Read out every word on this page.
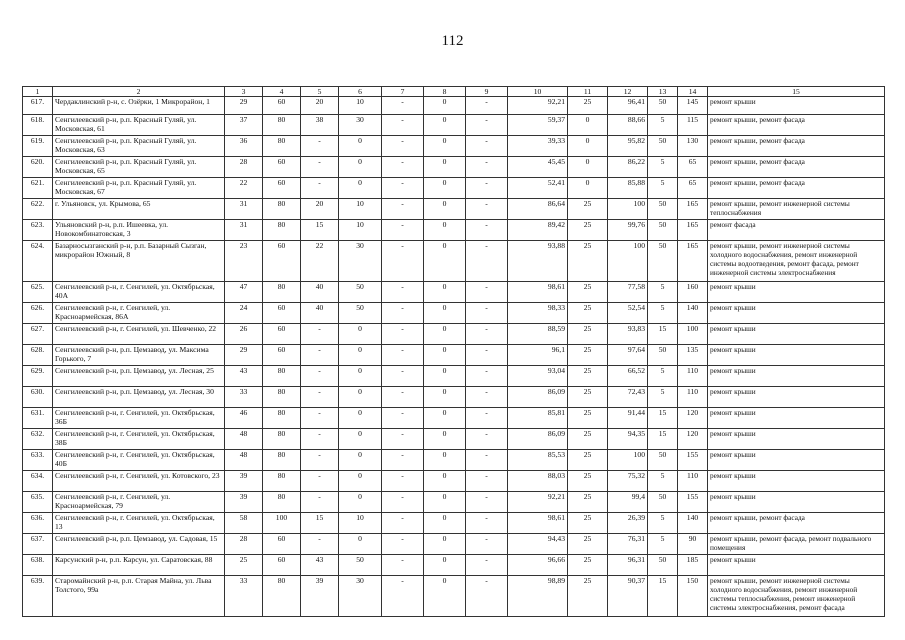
112
1	2	3	4	5	6	7	8	9	10	11	12	13	14	15
617.	Чердаклинский р-н, с. Озёрки, 1 Микрорайон, 1	29	60	20	10	-	0	-	92,21	25	96,41	50	145	ремонт крыши
618.	Сенгилеевский р-н, р.п. Красный Гуляй, ул. Московская, 61	37	80	38	30	-	0	-	59,37	0	88,66	5	115	ремонт крыши, ремонт фасада
619.	Сенгилеевский р-н, р.п. Красный Гуляй, ул. Московская, 63	36	80	-	0	-	0	-	39,33	0	95,82	50	130	ремонт крыши, ремонт фасада
620.	Сенгилеевский р-н, р.п. Красный Гуляй, ул. Московская, 65	28	60	-	0	-	0	-	45,45	0	86,22	5	65	ремонт крыши, ремонт фасада
621.	Сенгилеевский р-н, р.п. Красный Гуляй, ул. Московская, 67	22	60	-	0	-	0	-	52,41	0	85,88	5	65	ремонт крыши, ремонт фасада
622.	г. Ульяновск, ул. Крымова, 65	31	80	20	10	-	0	-	86,64	25	100	50	165	ремонт крыши, ремонт инженерной системы теплоснабжения
623.	Ульяновский р-н, р.п. Ишеевка, ул. Новокомбинатовская, 3	31	80	15	10	-	0	-	89,42	25	99,76	50	165	ремонт фасада
624.	Базарносызганский р-н, р.п. Базарный Сызган, микрорайон Южный, 8	23	60	22	30	-	0	-	93,88	25	100	50	165	ремонт крыши, ремонт инженерной системы холодного водоснабжения, ремонт инженерной системы водоотведения, ремонт фасада, ремонт инженерной системы электроснабжения
625.	Сенгилеевский р-н, г. Сенгилей, ул. Октябрьская, 40А	47	80	40	50	-	0	-	98,61	25	77,58	5	160	ремонт крыши
626.	Сенгилеевский р-н, г. Сенгилей, ул. Красноармейская, 86А	24	60	40	50	-	0	-	98,33	25	52,54	5	140	ремонт крыши
627.	Сенгилеевский р-н, г. Сенгилей, ул. Шевченко, 22	26	60	-	0	-	0	-	88,59	25	93,83	15	100	ремонт крыши
628.	Сенгилеевский р-н, р.п. Цемзавод, ул. Максима Горького, 7	29	60	-	0	-	0	-	96,1	25	97,64	50	135	ремонт крыши
629.	Сенгилеевский р-н, р.п. Цемзавод, ул. Лесная, 25	43	80	-	0	-	0	-	93,04	25	66,52	5	110	ремонт крыши
630.	Сенгилеевский р-н, р.п. Цемзавод, ул. Лесная, 30	33	80	-	0	-	0	-	86,09	25	72,43	5	110	ремонт крыши
631.	Сенгилеевский р-н, г. Сенгилей, ул. Октябрьская, 36Б	46	80	-	0	-	0	-	85,81	25	91,44	15	120	ремонт крыши
632.	Сенгилеевский р-н, г. Сенгилей, ул. Октябрьская, 38Б	48	80	-	0	-	0	-	86,09	25	94,35	15	120	ремонт крыши
633.	Сенгилеевский р-н, г. Сенгилей, ул. Октябрьская, 40Б	48	80	-	0	-	0	-	85,53	25	100	50	155	ремонт крыши
634.	Сенгилеевский р-н, г. Сенгилей, ул. Котовского, 23	39	80	-	0	-	0	-	88,03	25	75,32	5	110	ремонт крыши
635.	Сенгилеевский р-н, г. Сенгилей, ул. Красноармейская, 79	39	80	-	0	-	0	-	92,21	25	99,4	50	155	ремонт крыши
636.	Сенгилеевский р-н, г. Сенгилей, ул. Октябрьская, 13	58	100	15	10	-	0	-	98,61	25	26,39	5	140	ремонт крыши, ремонт фасада
637.	Сенгилеевский р-н, р.п. Цемзавод, ул. Садовая, 15	28	60	-	0	-	0	-	94,43	25	76,31	5	90	ремонт крыши, ремонт фасада, ремонт подвального помещения
638.	Карсунский р-н, р.п. Карсун, ул. Саратовская, 88	25	60	43	50	-	0	-	96,66	25	96,31	50	185	ремонт крыши
639.	Старомайнский р-н, р.п. Старая Майна, ул. Льва Толстого, 99а	33	80	39	30	-	0	-	98,89	25	90,37	15	150	ремонт крыши, ремонт инженерной системы холодного водоснабжения, ремонт инженерной системы теплоснабжения, ремонт инженерной системы электроснабжения, ремонт фасада
